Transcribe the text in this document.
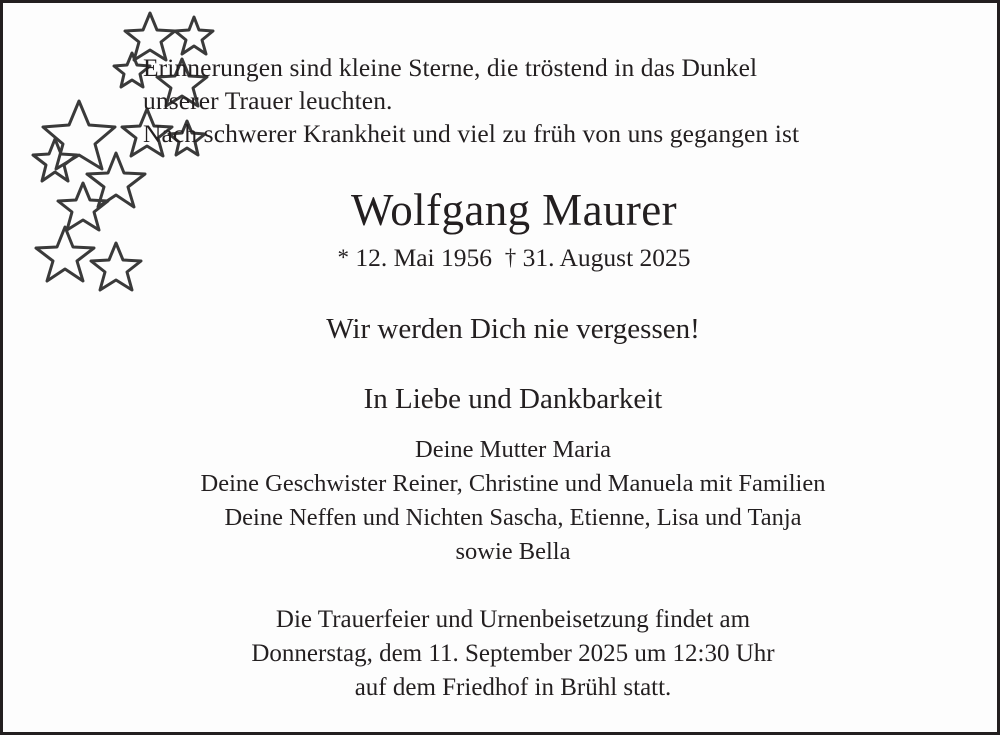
Erinnerungen sind kleine Sterne, die tröstend in das Dunkel
unserer Trauer leuchten.
Nach schwerer Krankheit und viel zu früh von uns gegangen ist
Wolfgang Maurer
* 12. Mai 1956 † 31. August 2025
Wir werden Dich nie vergessen!
In Liebe und Dankbarkeit
Deine Mutter Maria
Deine Geschwister Reiner, Christine und Manuela mit Familien
Deine Neffen und Nichten Sascha, Etienne, Lisa und Tanja
sowie Bella
Die Trauerfeier und Urnenbeisetzung findet am
Donnerstag, dem 11. September 2025 um 12:30 Uhr
auf dem Friedhof in Brühl statt.
